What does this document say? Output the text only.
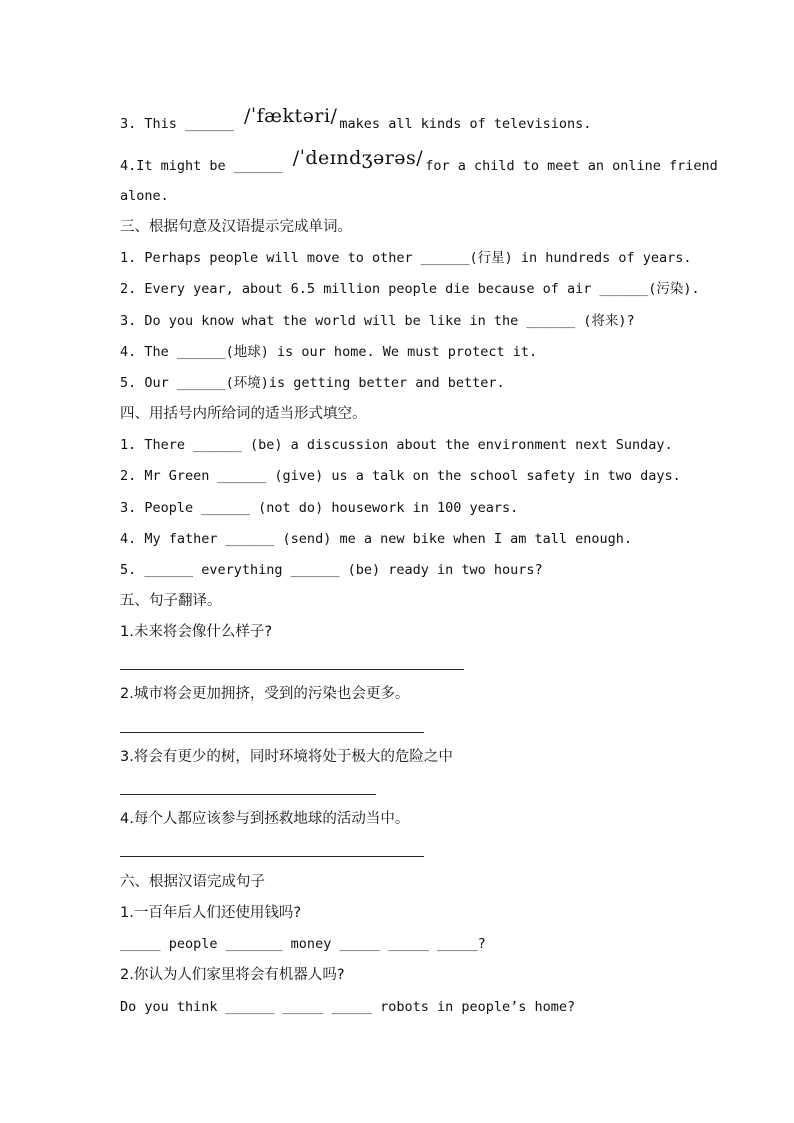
3. This ______ /ˈfæktəri/ makes all kinds of televisions.
4.It might be ______ /ˈdeɪndʒərəs/ for a child to meet an online friend
alone.
三、根据句意及汉语提示完成单词。
1. Perhaps people will move to other ______(行星) in hundreds of years.
2. Every year, about 6.5 million people die because of air ______(污染).
3. Do you know what the world will be like in the ______ (将来)?
4. The ______(地球) is our home. We must protect it.
5. Our ______(环境)is getting better and better.
四、用括号内所给词的适当形式填空。
1. There ______ (be) a discussion about the environment next Sunday.
2. Mr Green ______ (give) us a talk on the school safety in two days.
3. People ______ (not do) housework in 100 years.
4. My father ______ (send) me a new bike when I am tall enough.
5. ______ everything ______ (be) ready in two hours?
五、句子翻译。
1.未来将会像什么样子?
2.城市将会更加拥挤，受到的污染也会更多。
3.将会有更少的树，同时环境将处于极大的危险之中
4.每个人都应该参与到拯救地球的活动当中。
六、根据汉语完成句子
1.一百年后人们还使用钱吗?
_____ people _______ money _____ _____ _____?
2.你认为人们家里将会有机器人吗?
Do you think ______ _____ _____ robots in people’s home?
